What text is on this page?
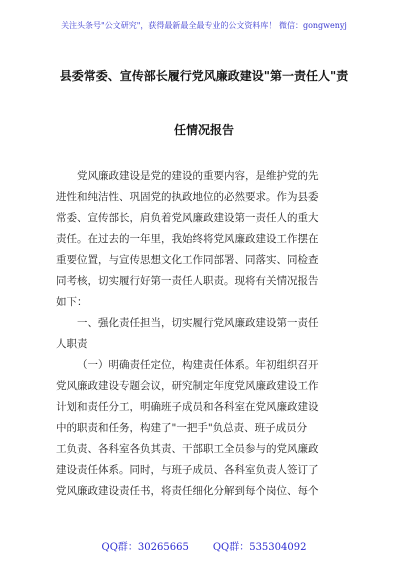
关注头条号"公文研究"，获得最新最全最专业的公文资料库！ 微信：gongwenyj
县委常委、宣传部长履行党风廉政建设"第一责任人"责
任情况报告
党风廉政建设是党的建设的重要内容，是维护党的先
进性和纯洁性、巩固党的执政地位的必然要求。作为县委
常委、宣传部长，肩负着党风廉政建设第一责任人的重大
责任。在过去的一年里，我始终将党风廉政建设工作摆在
重要位置，与宣传思想文化工作同部署、同落实、同检查
同考核，切实履行好第一责任人职责。现将有关情况报告
如下：
一、强化责任担当，切实履行党风廉政建设第一责任
人职责
（一）明确责任定位，构建责任体系。年初组织召开
党风廉政建设专题会议，研究制定年度党风廉政建设工作
计划和责任分工，明确班子成员和各科室在党风廉政建设
中的职责和任务，构建了"一把手"负总责、班子成员分
工负责、各科室各负其责、干部职工全员参与的党风廉政
建设责任体系。同时，与班子成员、各科室负责人签订了
党风廉政建设责任书，将责任细化分解到每个岗位、每个
QQ群：30265665 QQ群：535304092
